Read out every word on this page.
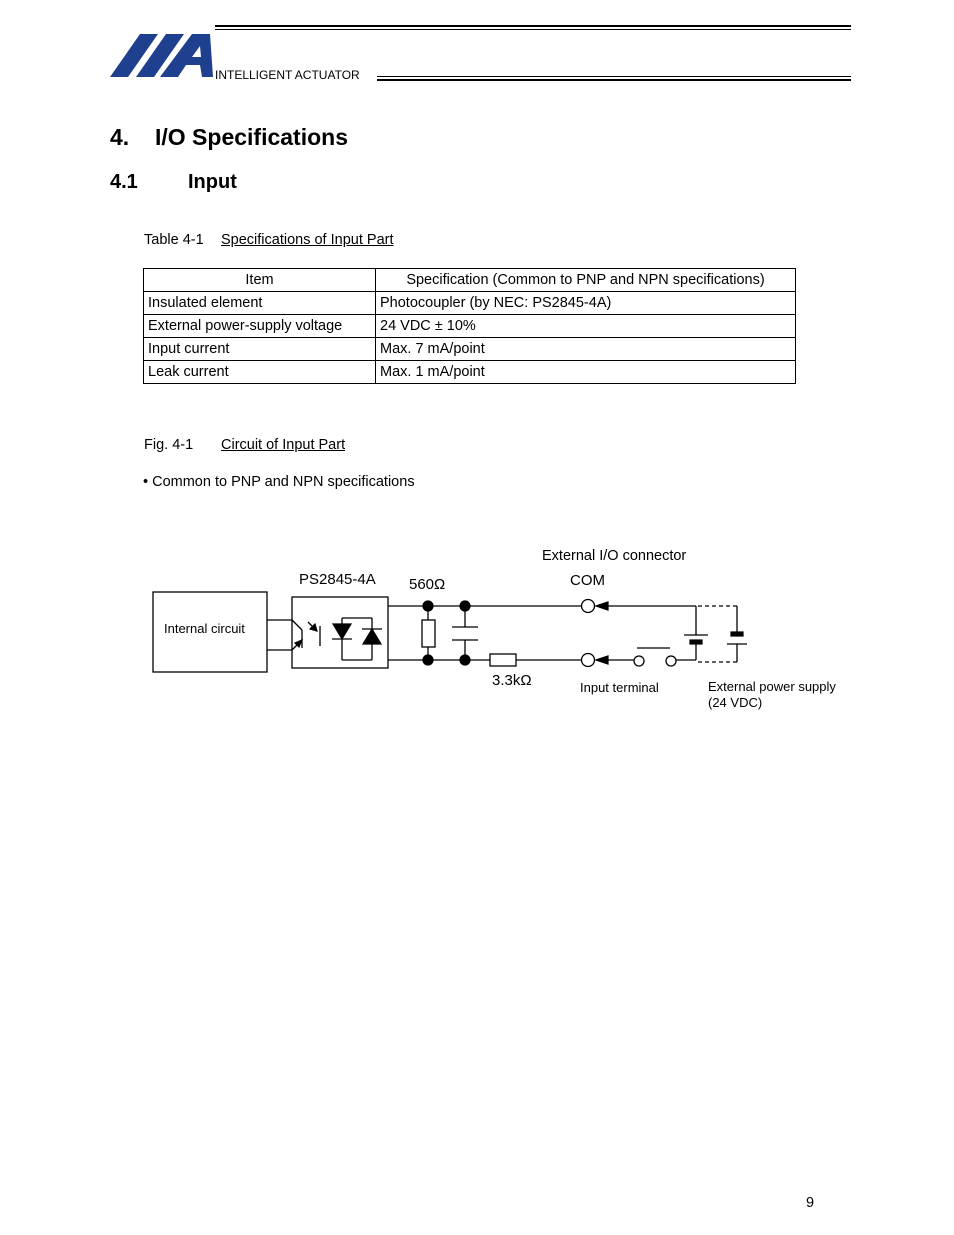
INTELLIGENT ACTUATOR
4. I/O Specifications
4.1	Input
Table 4-1 Specifications of Input Part
Item	Specification (Common to PNP and NPN specifications)
Insulated element	Photocoupler (by NEC: PS2845-4A)
External power-supply voltage	24 VDC ± 10%
Input current	Max. 7 mA/point
Leak current	Max. 1 mA/point
Fig. 4-1 Circuit of Input Part
• Common to PNP and NPN specifications
Internal circuit
PS2845-4A 560Ω
3.3kΩ
External I/O connector
COM
Input terminal	External power supply
(24 VDC)
9
